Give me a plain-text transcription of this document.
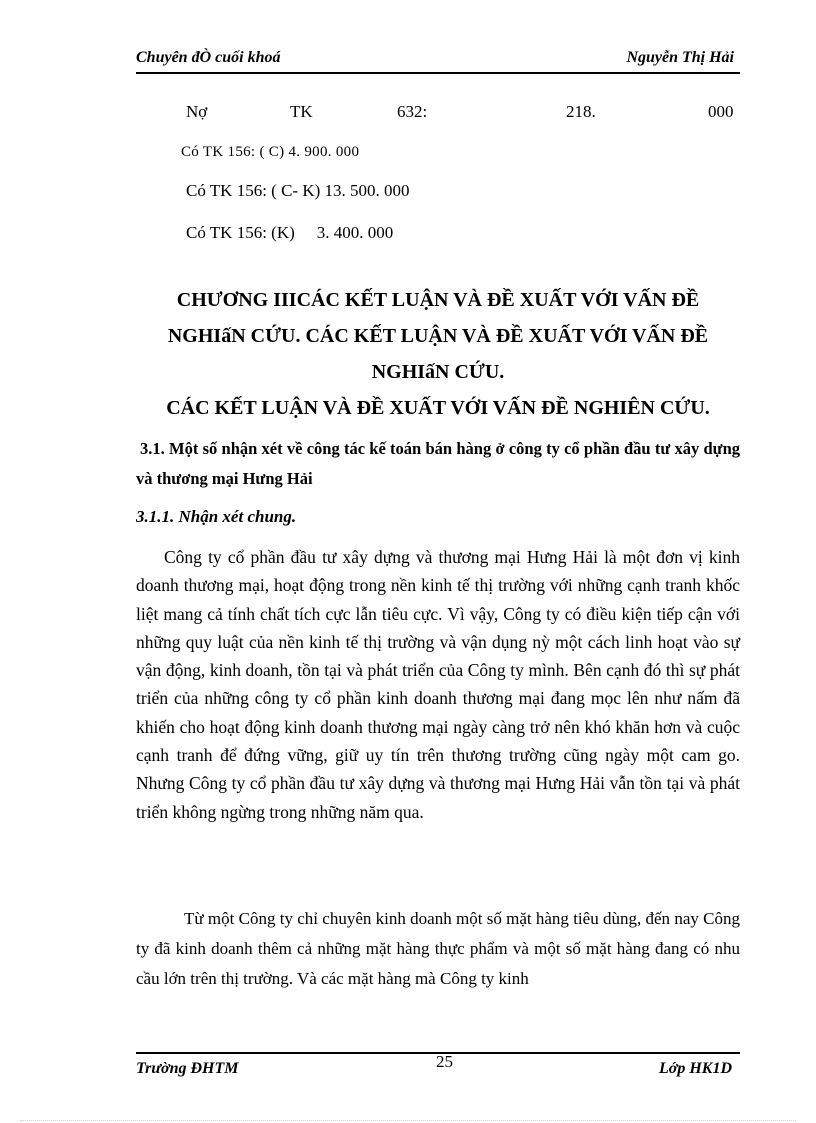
Chuyên đÒ cuối khoá	Nguyễn Thị Hải
Nợ	TK	632:	218.	000
Có TK 156: ( C) 4. 900. 000
Có TK 156: ( C- K) 13. 500. 000
Có TK 156: (K) 3. 400. 000
CHƯƠNG IIICÁC KẾT LUẬN VÀ ĐỀ XUẤT VỚI VẤN ĐỀ NGHIấN CỨU. CÁC KẾT LUẬN VÀ ĐỀ XUẤT VỚI VẤN ĐỀ NGHIấN CỨU.
CÁC KẾT LUẬN VÀ ĐỀ XUẤT VỚI VẤN ĐỀ NGHIÊN CỨU.
3.1. Một số nhận xét về công tác kế toán bán hàng ở công ty cổ phần đầu tư xây dựng và thương mại Hưng Hải
3.1.1. Nhận xét chung.

Công ty cổ phần đầu tư xây dựng và thương mại Hưng Hải là một đơn vị kinh doanh thương mại, hoạt động trong nền kinh tế thị trường với những cạnh tranh khốc liệt mang cả tính chất tích cực lẫn tiêu cực. Vì vậy, Công ty có điều kiện tiếp cận với những quy luật của nền kinh tế thị trường và vận dụng nỳ một cách linh hoạt vào sự vận động, kinh doanh, tồn tại và phát triển của Công ty mình. Bên cạnh đó thì sự phát triển của những công ty cổ phần kinh doanh thương mại đang mọc lên như nấm đã khiến cho hoạt động kinh doanh thương mại ngày càng trở nên khó khăn hơn và cuộc cạnh tranh để đứng vững, giữ uy tín trên thương trường cũng ngày một cam go. Nhưng Công ty cổ phần đầu tư xây dựng và thương mại Hưng Hải vẫn tồn tại và phát triển không ngừng trong những năm qua.

Từ một Công ty chỉ chuyên kinh doanh một số mặt hàng tiêu dùng, đến nay Công ty đã kinh doanh thêm cả những mặt hàng thực phẩm và một số mặt hàng đang có nhu cầu lớn trên thị trường. Và các mặt hàng mà Công ty kinh

Trường ĐHTM	25	Lớp HK1D
